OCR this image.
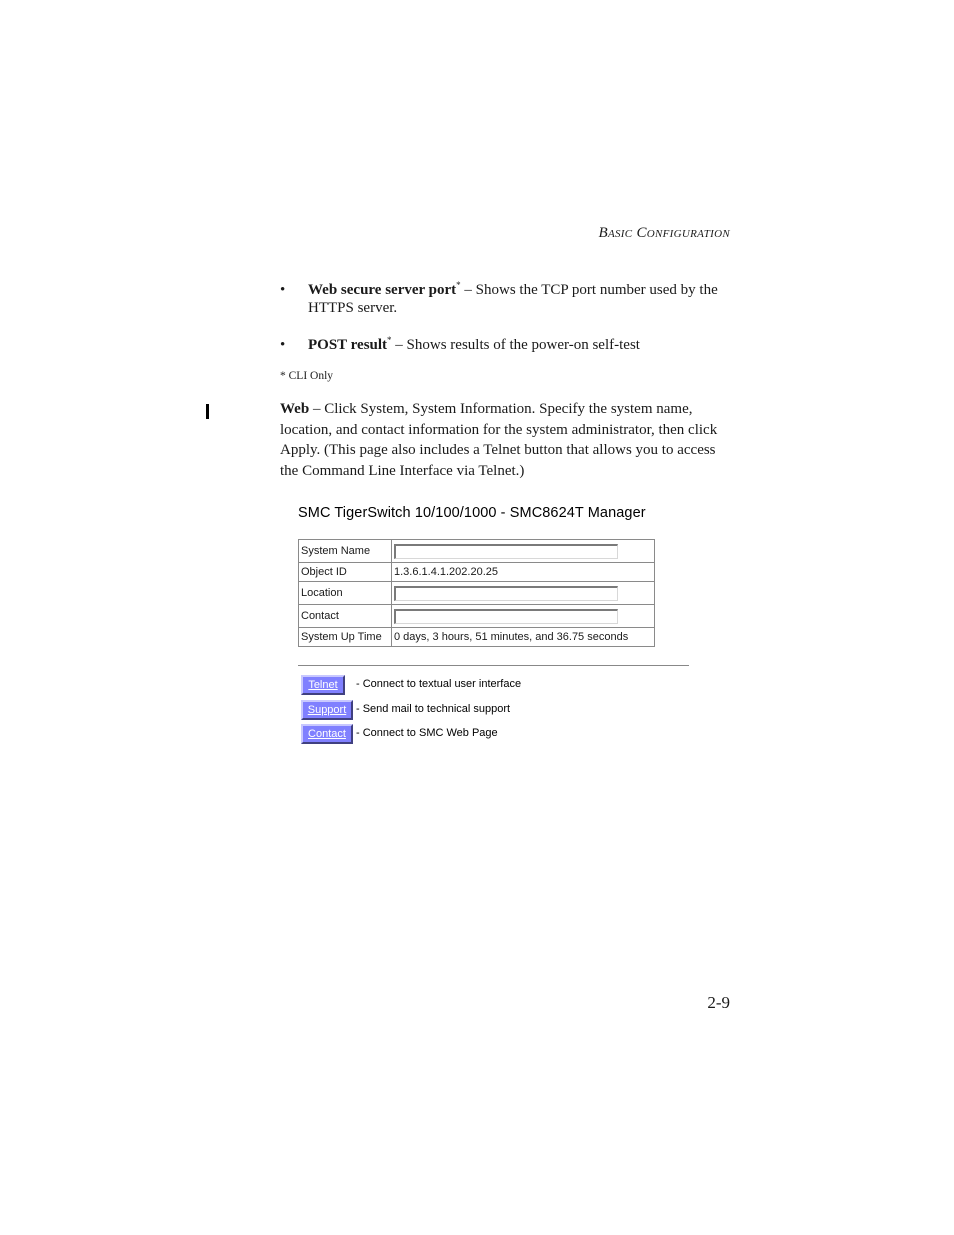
Basic Configuration
• Web secure server port* – Shows the TCP port number used by the
HTTPS server.
• POST result* – Shows results of the power-on self-test
* CLI Only
Web – Click System, System Information. Specify the system name, location, and contact information for the system administrator, then click Apply. (This page also includes a Telnet button that allows you to access the Command Line Interface via Telnet.)
SMC TigerSwitch 10/100/1000 - SMC8624T Manager
System Name	

Object ID	1.3.6.1.4.1.202.20.25
Location	

Contact	

System Up Time	0 days, 3 hours, 51 minutes, and 36.75 seconds
Telnet	- Connect to textual user interface
Support - Send mail to technical support
Contact - Connect to SMC Web Page
2-9
